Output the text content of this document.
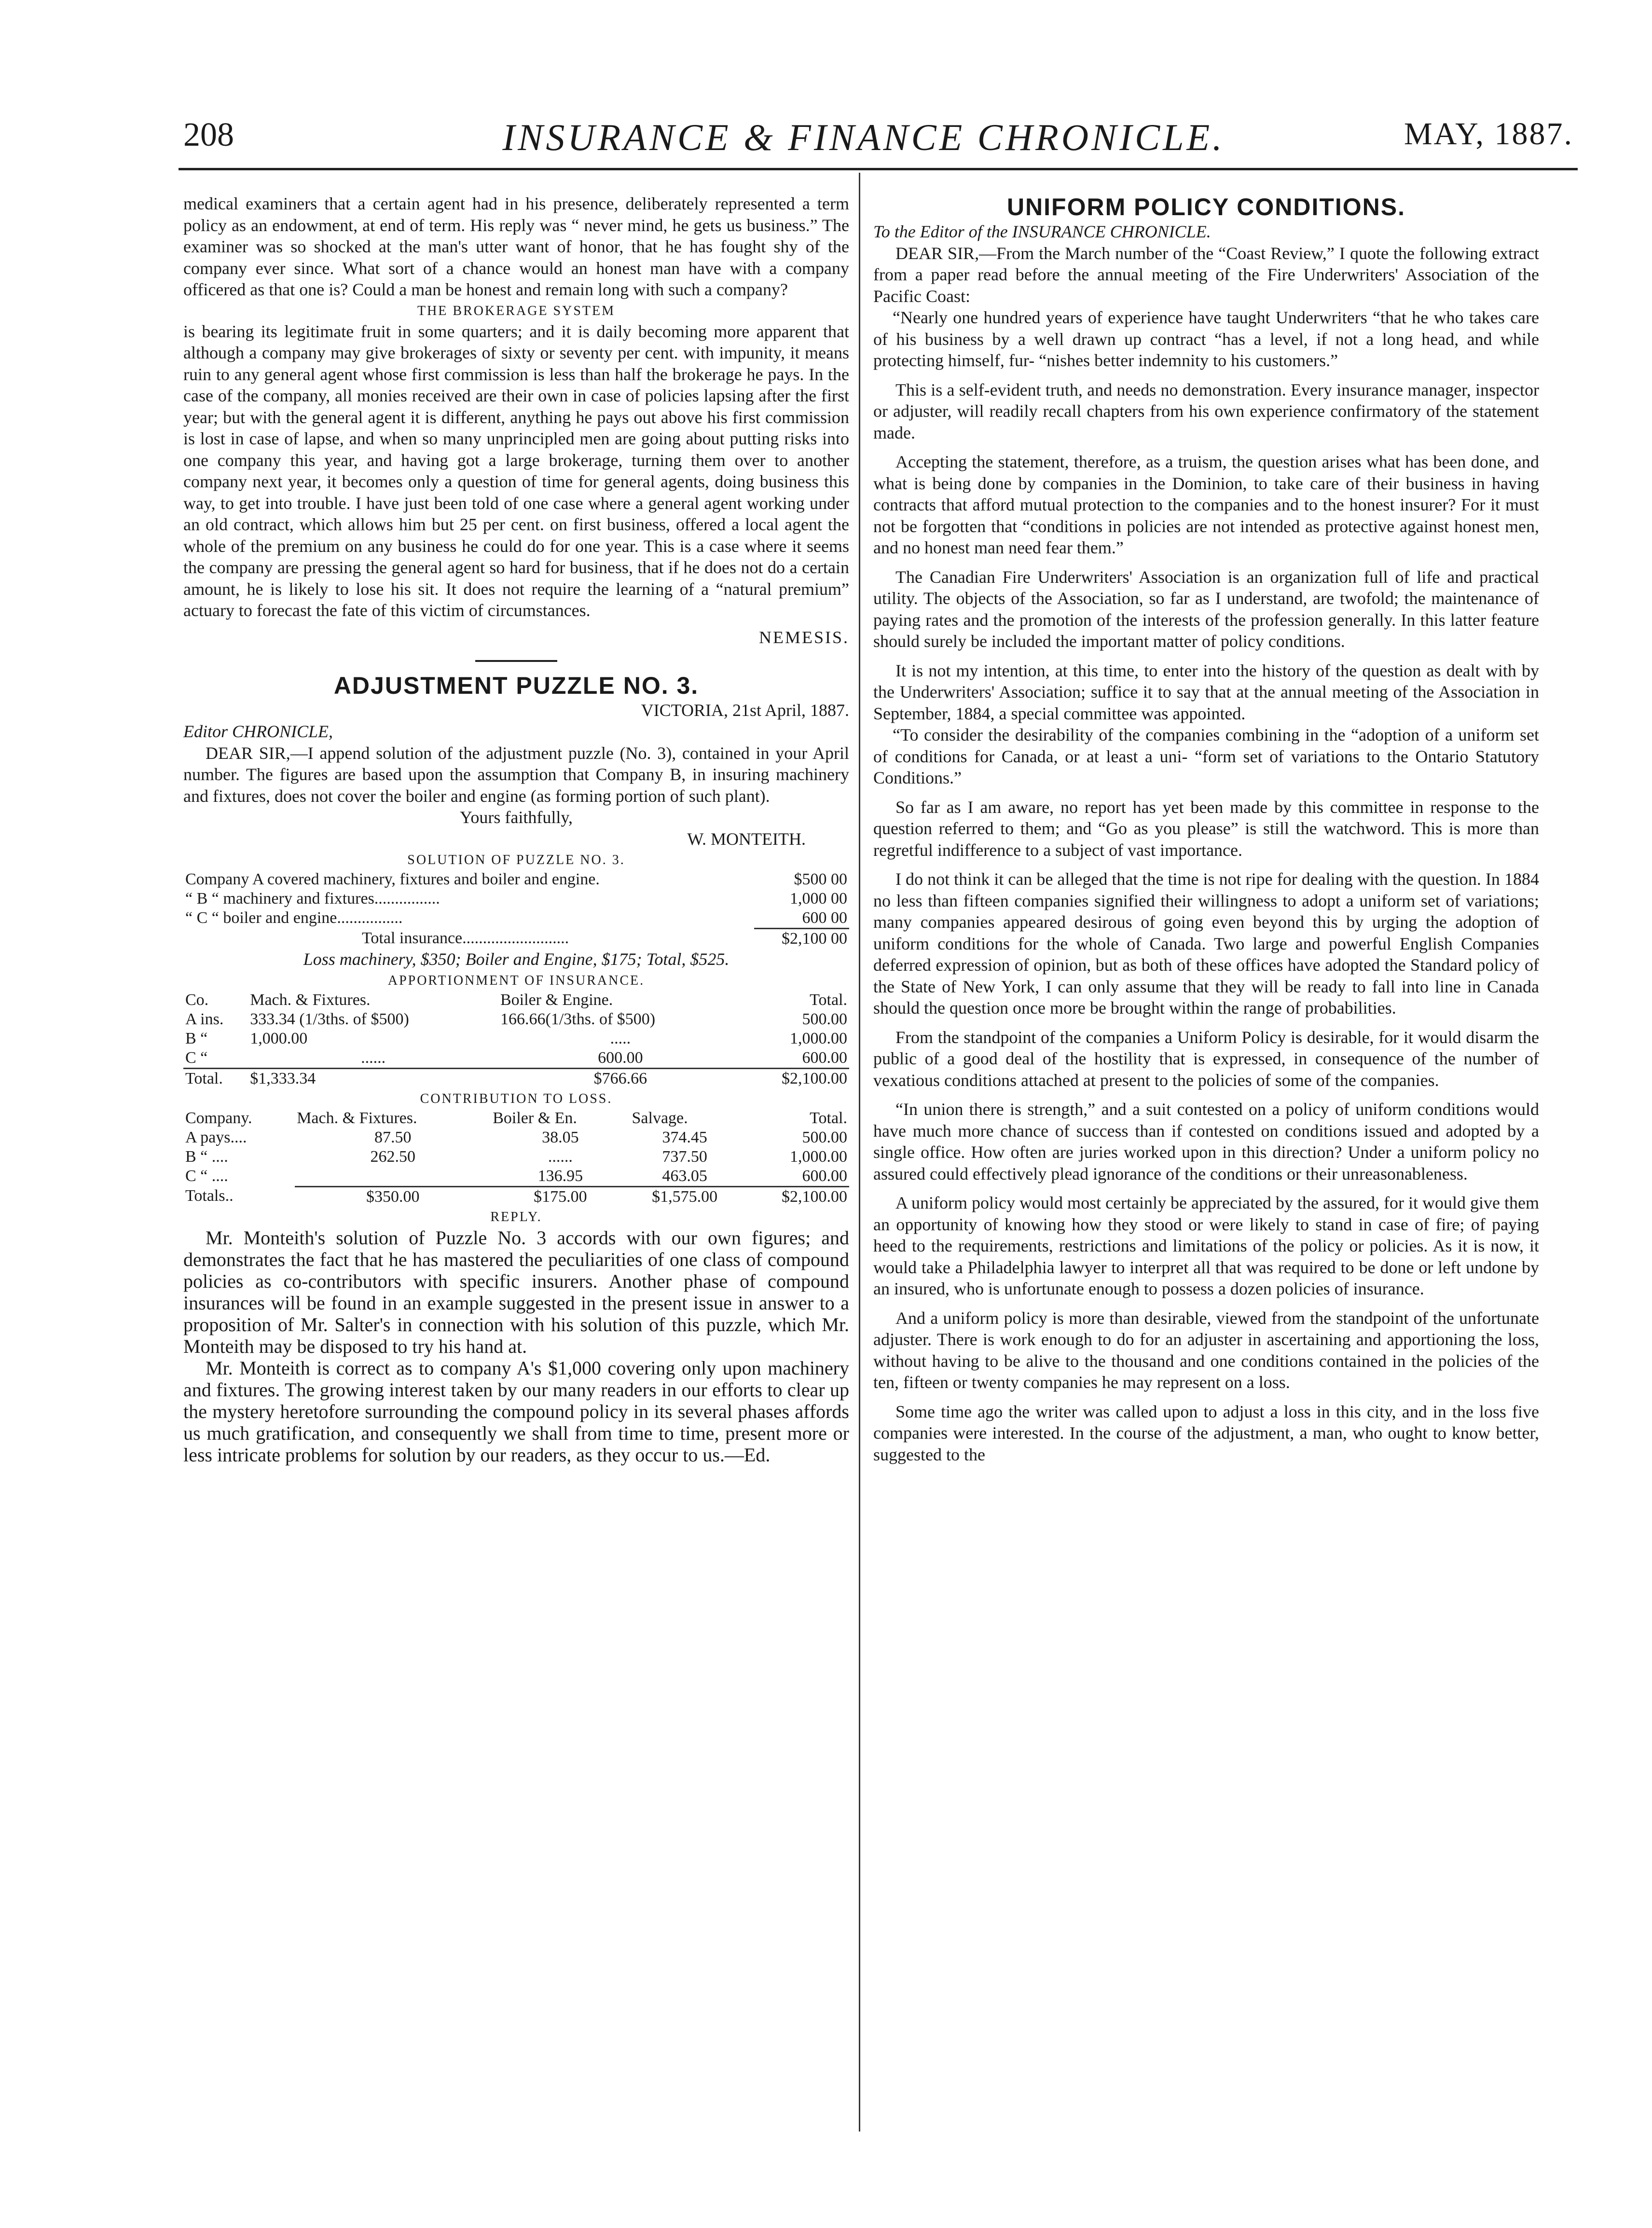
208	INSURANCE & FINANCE CHRONICLE.	MAY, 1887.

medical examiners that a certain agent had in his presence, deliberately represented a term policy as an endowment, at end of term. His reply was “ never mind, he gets us business.” The examiner was so shocked at the man's utter want of honor, that he has fought shy of the company ever since. What sort of a chance would an honest man have with a company officered as that one is? Could a man be honest and remain long with such a company?

THE BROKERAGE SYSTEM

is bearing its legitimate fruit in some quarters; and it is daily becoming more apparent that although a company may give brokerages of sixty or seventy per cent. with impunity, it means ruin to any general agent whose first commission is less than half the brokerage he pays. In the case of the company, all monies received are their own in case of policies lapsing after the first year; but with the general agent it is different, anything he pays out above his first commission is lost in case of lapse, and when so many unprincipled men are going about putting risks into one company this year, and having got a large brokerage, turning them over to another company next year, it becomes only a question of time for general agents, doing business this way, to get into trouble. I have just been told of one case where a general agent working under an old contract, which allows him but 25 per cent. on first business, offered a local agent the whole of the premium on any business he could do for one year. This is a case where it seems the company are pressing the general agent so hard for business, that if he does not do a certain amount, he is likely to lose his sit. It does not require the learning of a “natural premium” actuary to forecast the fate of this victim of circumstances.

NEMESIS.
ADJUSTMENT PUZZLE NO. 3.

VICTORIA, 21st April, 1887.

Editor CHRONICLE,

DEAR SIR,—I append solution of the adjustment puzzle (No. 3), contained in your April number. The figures are based upon the assumption that Company B, in insuring machinery and fixtures, does not cover the boiler and engine (as forming portion of such plant).

Yours faithfully,

W. MONTEITH.

SOLUTION OF PUZZLE NO. 3.
Company A covered machinery, fixtures and boiler and engine.	$500 00
“ B “ machinery and fixtures................	1,000 00
“ C “ boiler and engine................	600 00
Total insurance..........................	$2,100 00

Loss machinery, $350; Boiler and Engine, $175; Total, $525.

APPORTIONMENT OF INSURANCE.
Co.	Mach. & Fixtures.	Boiler & Engine.	Total.
A ins.	333.34 (1/3ths. of $500)	166.66(1/3ths. of $500)	500.00
B “	1,000.00	.....	1,000.00
C “	......	600.00	600.00
Total.	$1,333.34	$766.66	$2,100.00
CONTRIBUTION TO LOSS.
Company.	Mach. & Fixtures.	Boiler & En.	Salvage.	Total.
A pays....	87.50	38.05	374.45	500.00
B “ ....	262.50	......	737.50	1,000.00
C “ ....		136.95	463.05	600.00
Totals..	$350.00	$175.00	$1,575.00	$2,100.00
REPLY.

Mr. Monteith's solution of Puzzle No. 3 accords with our own figures; and demonstrates the fact that he has mastered the peculiarities of one class of compound policies as co-contributors with specific insurers. Another phase of compound insurances will be found in an example suggested in the present issue in answer to a proposition of Mr. Salter's in connection with his solution of this puzzle, which Mr. Monteith may be disposed to try his hand at.

Mr. Monteith is correct as to company A's $1,000 covering only upon machinery and fixtures. The growing interest taken by our many readers in our efforts to clear up the mystery heretofore surrounding the compound policy in its several phases affords us much gratification, and consequently we shall from time to time, present more or less intricate problems for solution by our readers, as they occur to us.—Ed.

UNIFORM POLICY CONDITIONS.

To the Editor of the INSURANCE CHRONICLE.

DEAR SIR,—From the March number of the “Coast Review,” I quote the following extract from a paper read before the annual meeting of the Fire Underwriters' Association of the Pacific Coast:

“Nearly one hundred years of experience have taught Underwriters “that he who takes care of his business by a well drawn up contract “has a level, if not a long head, and while protecting himself, fur- “nishes better indemnity to his customers.”

This is a self-evident truth, and needs no demonstration. Every insurance manager, inspector or adjuster, will readily recall chapters from his own experience confirmatory of the statement made.

Accepting the statement, therefore, as a truism, the question arises what has been done, and what is being done by companies in the Dominion, to take care of their business in having contracts that afford mutual protection to the companies and to the honest insurer? For it must not be forgotten that “conditions in policies are not intended as protective against honest men, and no honest man need fear them.”

The Canadian Fire Underwriters' Association is an organization full of life and practical utility. The objects of the Association, so far as I understand, are twofold; the maintenance of paying rates and the promotion of the interests of the profession generally. In this latter feature should surely be included the important matter of policy conditions.

It is not my intention, at this time, to enter into the history of the question as dealt with by the Underwriters' Association; suffice it to say that at the annual meeting of the Association in September, 1884, a special committee was appointed.

“To consider the desirability of the companies combining in the “adoption of a uniform set of conditions for Canada, or at least a uni- “form set of variations to the Ontario Statutory Conditions.”

So far as I am aware, no report has yet been made by this committee in response to the question referred to them; and “Go as you please” is still the watchword. This is more than regretful indifference to a subject of vast importance.

I do not think it can be alleged that the time is not ripe for dealing with the question. In 1884 no less than fifteen companies signified their willingness to adopt a uniform set of variations; many companies appeared desirous of going even beyond this by urging the adoption of uniform conditions for the whole of Canada. Two large and powerful English Companies deferred expression of opinion, but as both of these offices have adopted the Standard policy of the State of New York, I can only assume that they will be ready to fall into line in Canada should the question once more be brought within the range of probabilities.

From the standpoint of the companies a Uniform Policy is desirable, for it would disarm the public of a good deal of the hostility that is expressed, in consequence of the number of vexatious conditions attached at present to the policies of some of the companies.

“In union there is strength,” and a suit contested on a policy of uniform conditions would have much more chance of success than if contested on conditions issued and adopted by a single office. How often are juries worked upon in this direction? Under a uniform policy no assured could effectively plead ignorance of the conditions or their unreasonableness.

A uniform policy would most certainly be appreciated by the assured, for it would give them an opportunity of knowing how they stood or were likely to stand in case of fire; of paying heed to the requirements, restrictions and limitations of the policy or policies. As it is now, it would take a Philadelphia lawyer to interpret all that was required to be done or left undone by an insured, who is unfortunate enough to possess a dozen policies of insurance.

And a uniform policy is more than desirable, viewed from the standpoint of the unfortunate adjuster. There is work enough to do for an adjuster in ascertaining and apportioning the loss, without having to be alive to the thousand and one conditions contained in the policies of the ten, fifteen or twenty companies he may represent on a loss.

Some time ago the writer was called upon to adjust a loss in this city, and in the loss five companies were interested. In the course of the adjustment, a man, who ought to know better, suggested to the
